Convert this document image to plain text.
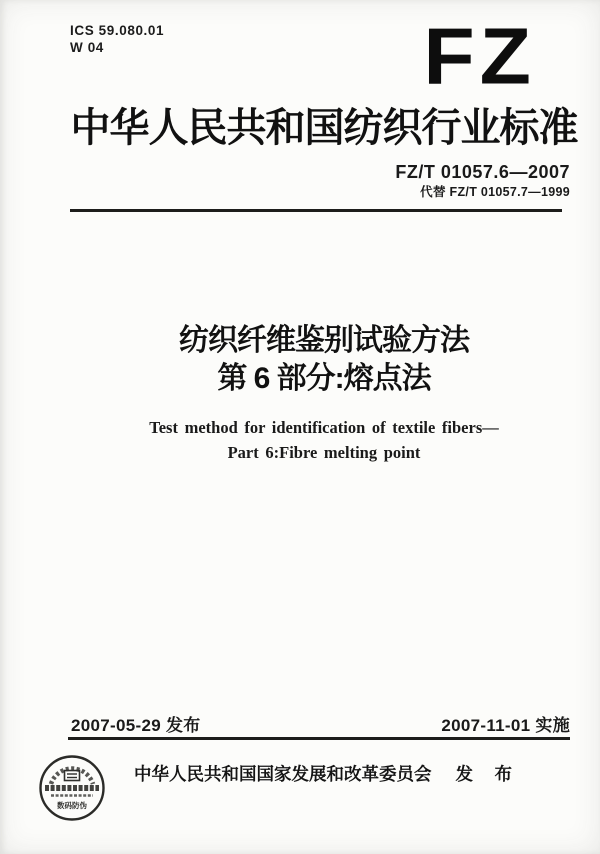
ICS 59.080.01
W 04	FZ
中华人民共和国纺织行业标准
FZ/T 01057.6—2007
代替 FZ/T 01057.7—1999
纺织纤维鉴别试验方法
第 6 部分:熔点法
Test method for identification of textile fibers—
Part 6:Fibre melting point
2007-05-29 发布	2007-11-01 实施
数码防伪
中华人民共和国国家发展和改革委员会 发　布
